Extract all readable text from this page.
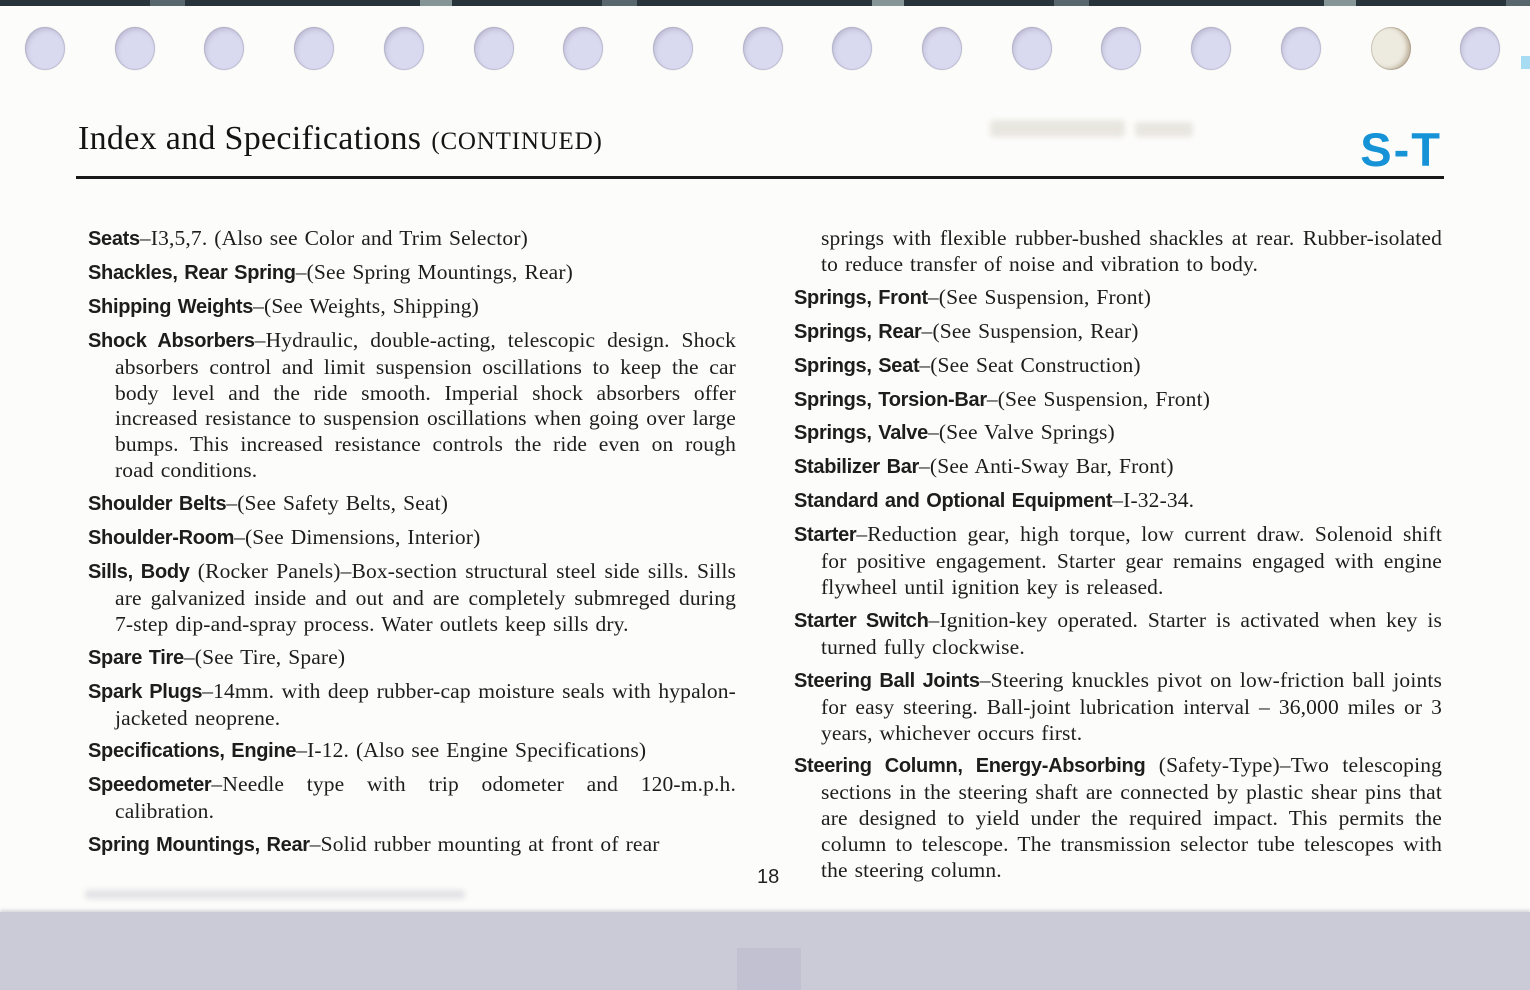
Index and Specifications (CONTINUED)	S-T

Seats–I3,5,7. (Also see Color and Trim Selector)

Shackles, Rear Spring–(See Spring Mountings, Rear)

Shipping Weights–(See Weights, Shipping)

Shock Absorbers–Hydraulic, double-acting, telescopic design. Shock absorbers control and limit suspension oscillations to keep the car body level and the ride smooth. Imperial shock absorbers offer increased resistance to suspension oscillations when going over large bumps. This increased resistance controls the ride even on rough road conditions.

Shoulder Belts–(See Safety Belts, Seat)

Shoulder-Room–(See Dimensions, Interior)

Sills, Body (Rocker Panels)–Box-section structural steel side sills. Sills are galvanized inside and out and are completely submreged during 7-step dip-and-spray process. Water outlets keep sills dry.

Spare Tire–(See Tire, Spare)

Spark Plugs–14mm. with deep rubber-cap moisture seals with hypalon-jacketed neoprene.

Specifications, Engine–I-12. (Also see Engine Specifications)

Speedometer–Needle type with trip odometer and 120-m.p.h. calibration.

Spring Mountings, Rear–Solid rubber mounting at front of rear

springs with flexible rubber-bushed shackles at rear. Rubber-isolated to reduce transfer of noise and vibration to body.

Springs, Front–(See Suspension, Front)

Springs, Rear–(See Suspension, Rear)

Springs, Seat–(See Seat Construction)

Springs, Torsion-Bar–(See Suspension, Front)

Springs, Valve–(See Valve Springs)

Stabilizer Bar–(See Anti-Sway Bar, Front)

Standard and Optional Equipment–I-32-34.

Starter–Reduction gear, high torque, low current draw. Solenoid shift for positive engagement. Starter gear remains engaged with engine flywheel until ignition key is released.

Starter Switch–Ignition-key operated. Starter is activated when key is turned fully clockwise.

Steering Ball Joints–Steering knuckles pivot on low-friction ball joints for easy steering. Ball-joint lubrication interval – 36,000 miles or 3 years, whichever occurs first.

Steering Column, Energy-Absorbing (Safety-Type)–Two telescoping sections in the steering shaft are connected by plastic shear pins that are designed to yield under the required impact. This permits the column to telescope. The transmission selector tube telescopes with the steering column.

18
